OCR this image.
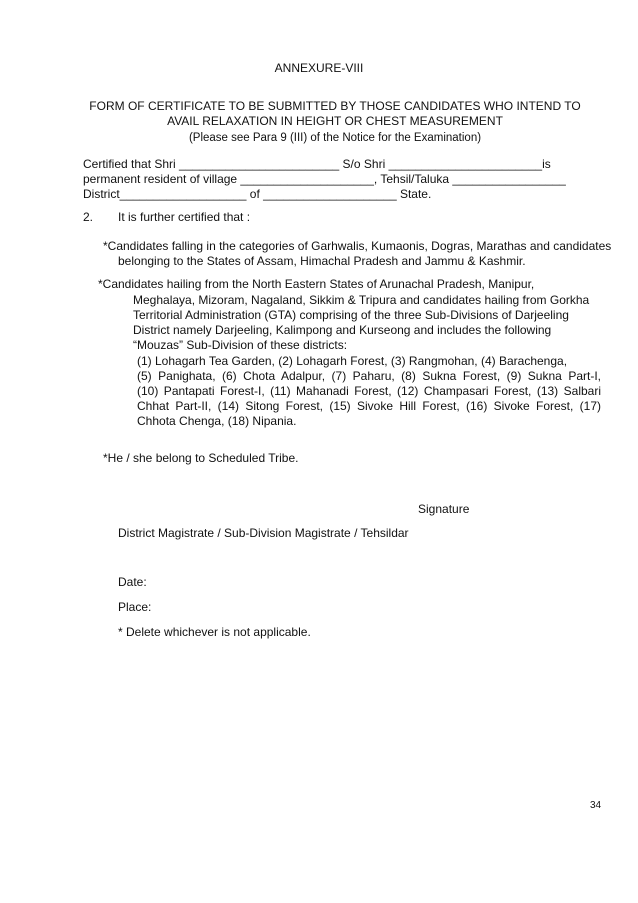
ANNEXURE-VIII
FORM OF CERTIFICATE TO BE SUBMITTED BY THOSE CANDIDATES WHO INTEND TO
AVAIL RELAXATION IN HEIGHT OR CHEST MEASUREMENT
(Please see Para 9 (III) of the Notice for the Examination)
Certified that Shri ________________________ S/o Shri _______________________is
permanent resident of village ____________________, Tehsil/Taluka _________________
District___________________ of ____________________ State.
2. It is further certified that :
*Candidates falling in the categories of Garhwalis, Kumaonis, Dogras, Marathas and candidates
belonging to the States of Assam, Himachal Pradesh and Jammu & Kashmir.
*Candidates hailing from the North Eastern States of Arunachal Pradesh, Manipur,
Meghalaya, Mizoram, Nagaland, Sikkim & Tripura and candidates hailing from Gorkha
Territorial Administration (GTA) comprising of the three Sub-Divisions of Darjeeling
District namely Darjeeling, Kalimpong and Kurseong and includes the following
“Mouzas” Sub-Division of these districts:
(1) Lohagarh Tea Garden, (2) Lohagarh Forest, (3) Rangmohan, (4) Barachenga,
(5) Panighata, (6) Chota Adalpur, (7) Paharu, (8) Sukna Forest, (9) Sukna Part-I,
(10) Pantapati Forest-I, (11) Mahanadi Forest, (12) Champasari Forest, (13) Salbari
Chhat Part-II, (14) Sitong Forest, (15) Sivoke Hill Forest, (16) Sivoke Forest, (17)
Chhota Chenga, (18) Nipania.
*He / she belong to Scheduled Tribe.
Signature
District Magistrate / Sub-Division Magistrate / Tehsildar
Date:
Place:
* Delete whichever is not applicable.
34
